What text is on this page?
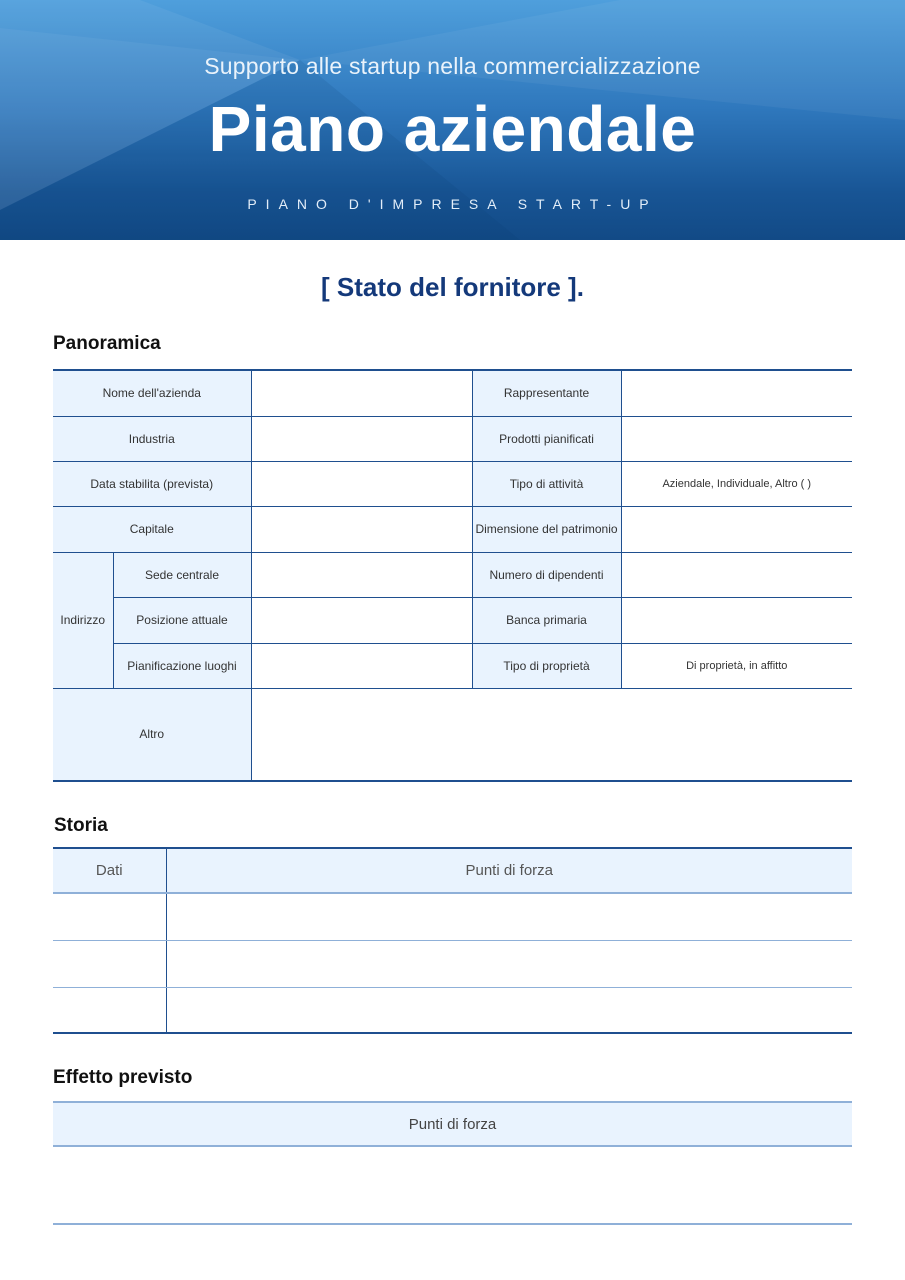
Supporto alle startup nella commercializzazione
Piano aziendale
PIANO D'IMPRESA START-UP
[ Stato del fornitore ].
Panoramica
Nome dell'azienda			Rappresentante	
Industria			Prodotti pianificati	
Data stabilita (prevista)			Tipo di attività	Aziendale, Individuale, Altro ( )
Capitale			Dimensione del patrimonio	
Indirizzo	Sede centrale		Numero di dipendenti	
	Posizione attuale		Banca primaria	
	Pianificazione luoghi		Tipo di proprietà	Di proprietà, in affitto
Altro				
Storia
Dati	Punti di forza

Effetto previsto
Punti di forza
